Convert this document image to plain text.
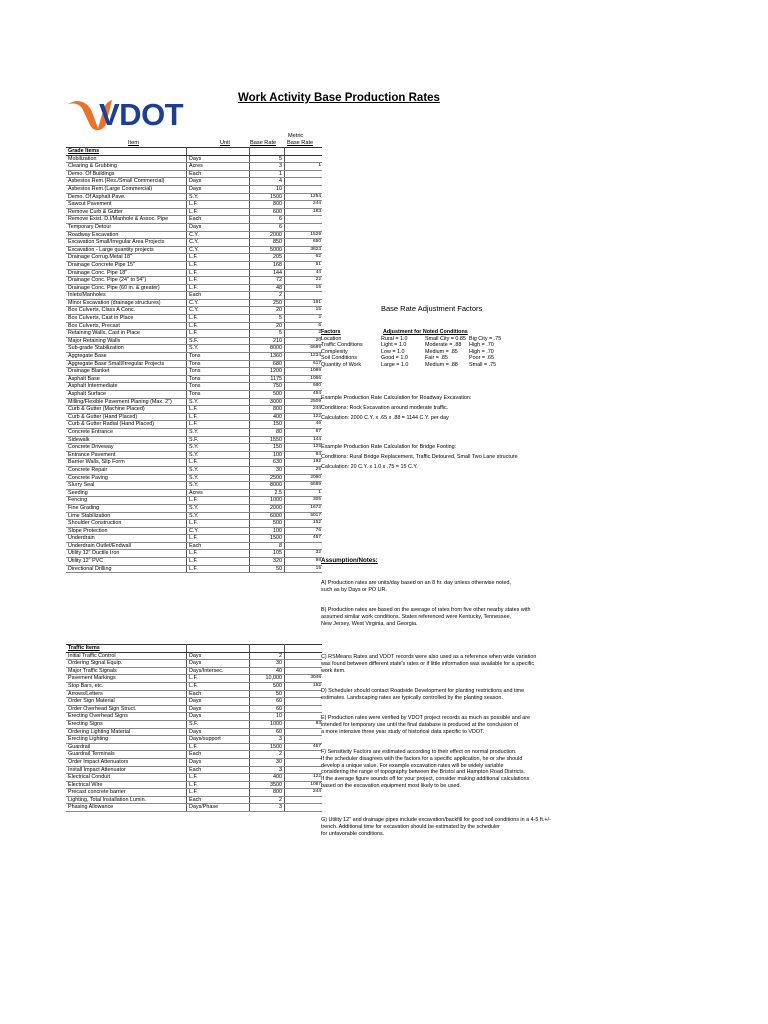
VDOT	Work Activity Base Production Rates
Item	Unit	Base Rate
Metric
Base Rate
Grade Items			
Mobilization	Days	5	
Clearing & Grubbing	Acres	3	1
Demo. Of Buildings	Each	1	
Asbestos Rem.(Res./Small Commercial)	Days	4	
Asbestos Rem.(Large Commercial)	Days	10	
Demo. Of Asphalt Pave.	S.Y.	1500	1254
Sawcut Pavement	L.F.	800	244
Remove Curb & Gutter	L.F.	600	183
Remove Exist. D.I/Manhole & Assoc. Pipe	Each	6	
Temporary Detour	Days	6	
Roadway Excavation	C.Y.	2000	1529
Excavation Small/Irregular Area Projects	C.Y.	850	650
Excavation - Large quantity projects	C.Y.	5000	3823
Drainage Corrug.Metal 18"	L.F.	205	62
Drainage Concrete Pipe 15"	L.F.	168	51
Drainage Conc. Pipe 18"	L.F.	144	44
Drainage Conc. Pipe (24" to 54")	L.F.	72	22
Drainage Conc. Pipe (60 in. & greater)	L.F.	48	15
Inlets/Manholes	Each	2	
Minor Excavation (drainage structures)	C.Y.	250	191
Box Culverts, Class A Conc.	C.Y.	20	15
Box Culverts, Cast in Place	L.F.	5	2
Box Culverts, Precast	L.F.	20	6
Retaining Walls, Cast in Place	L.F.	5	2
Major Retaining Walls	S.F.	210	20
Sub-grade Stabilization	S.Y.	8000	6689
Aggregate Base	Tons	1360	1234
Aggregate Base Small/Irregular Projects	Tons	680	617
Drainage Blanket	Tons	1200	1089
Asphalt Base	Tons	1175	1066
Asphalt Intermediate	Tons	750	680
Asphalt Surface	Tons	500	454
Milling/Flexible Pavement Planing (Max. 2")	S.Y.	3000	2509
Curb & Gutter (Machine Placed)	L.F.	800	244
Curb & Gutter (Hand Placed)	L.F.	400	122
Curb & Gutter Radial (Hand Placed)	L.F.	150	46
Concrete Entrance	S.Y.	80	67
Sidewalk	S.F.	1550	144
Concrete Driveway	S.Y.	150	125
Entrance Pavement	S.Y.	100	84
Barrier Walls, Slip Form	L.F.	630	192
Concrete Repair	S.Y.	30	25
Concrete Paving	S.Y.	2500	2090
Slurry Seal	S.Y.	8000	6689
Seeding	Acres	2.5	1
Fencing	L.F.	1000	305
Fine Grading	S.Y.	2000	1672
Lime Stabilization	S.Y.	6000	5017
Shoulder Construction	L.F.	500	152
Slope Protection	C.Y.	100	76
Underdrain	L.F.	1500	457
Underdrain Outlet/Endwall	Each	8	
Utility 12" Ductile Iron	L.F.	105	32
Utility 12" PVC	L.F.	320	98
Directional Drilling	L.F.	50	15
Traffic Items			
Initial Traffic Control	Days	2	
Ordering Signal Equip.	Days	30	
Major Traffic Signals	Days/Intersec.	40	
Pavement Markings	L.F.	10,000	3048
Stop Bars, etc.	L.F.	500	152
Arrows/Letters	Each	50	
Order Sign Material	Days	60	
Order Overhead Sign Struct.	Days	60	
Erecting Overhead Signs	Days	10	
Erecting Signs	S.F.	1000	93
Ordering Lighting Material	Days	60	
Erecting Lighting	Days/support	3	
Guardrail	L.F.	1500	457
Guardrail Terminals	Each	2	
Order Impact Attenuators	Days	30	
Install Impact Attenuator	Each	3	
Electrical Conduit	L.F.	400	122
Electrical Wire	L.F.	3500	1067
Precast concrete barrier	L.F.	800	244
Lighting, Total Installation Lumin.	Each	2	
Phasing Allowance	Days/Phase	3	
Base Rate Adjustment Factors
Factors	Adjustment for Noted Conditions
Location	Rural = 1.0	Small City = 0.85 Big City = .75
Traffic Conditions	Light = 1.0	Moderate = .88	High = .70
Complexity	Low = 1.0	Medium = .85	High = .70
Soil Conditions	Good = 1.0	Fair = .85	Poor = .65
Quantity of Work	Large = 1.0	Medium = .88	Small = .75
Example Production Rate Calculation for Roadway Excavation:
Conditions: Rock Excavation around moderate traffic.
Calculation: 2000 C.Y. x .65 x .88 = 1144 C.Y. per day
Example Production Rate Calculation for Bridge Footing:
Conditions: Rural Bridge Replacement, Traffic Detoured, Small Two Lane structure
Calculation: 20 C.Y. x 1.0 x .75 = 15 C.Y.
Assumption/Notes:
A) Production rates are units/day based on an 8 hr. day unless otherwise noted,
such as by Days or PO UR.
B) Production rates are based on the average of rates from five other nearby states with
assumed similar work conditions. States referenced were Kentucky, Tennessee,
New Jersey, West Virginia, and Georgia.
C) RSMeans Rates and VDOT records were also used as a reference when wide variation
was found between different state's rates or if little information was available for a specific
work item.
D) Scheduler should contact Roadside Development for planting restrictions and time
estimates. Landscaping rates are typically controlled by the planting season.
E) Production rates were verified by VDOT project records as much as possible and are
intended for temporary use until the final database is produced at the conclusion of
a more intensive three year study of historical data specific to VDOT.
F) Sensitivity Factors are estimated according to their effect on normal production.
If the scheduler disagrees with the factors for a specific application, he or she should
develop a unique value. For example excavation rates will be widely variable
considering the range of topography between the Bristol and Hampton Road Districts.
If the average figure sounds off for your project, consider making additional calculations
based on the excavation equipment most likely to be used.
G) Utility 12" and drainage pipes include excavation/backfill for good soil conditions in a 4-5 ft.+/-
trench. Additional time for excavation should be estimated by the scheduler
for unfavorable conditions.
